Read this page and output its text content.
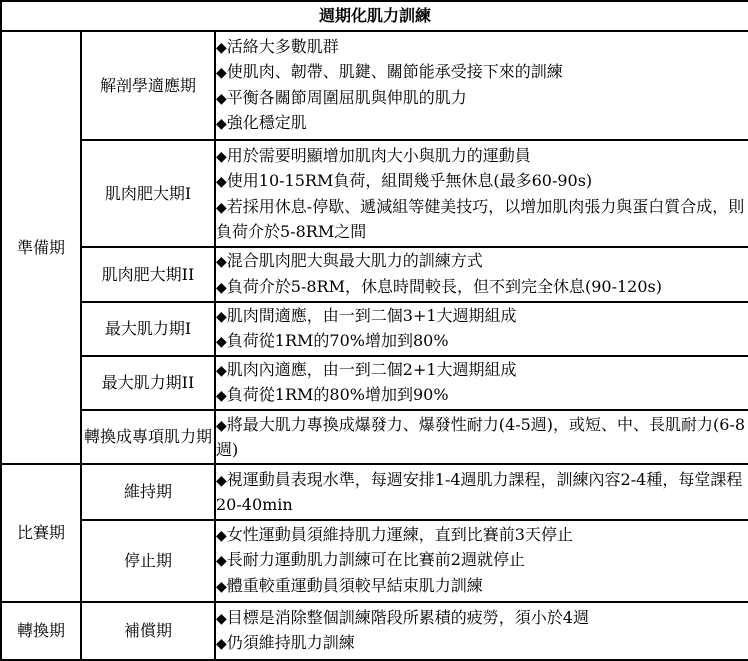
週期化肌力訓練		
準備期	解剖學適應期	◆活絡大多數肌群
◆使肌肉、韌帶、肌鍵、關節能承受接下來的訓練
◆平衡各關節周圍屈肌與伸肌的肌力
◆強化穩定肌

	肌肉肥大期I	◆用於需要明顯增加肌肉大小與肌力的運動員
◆使用10-15RM負荷，組間幾乎無休息(最多60-90s)
◆若採用休息-停歇、遞減組等健美技巧，以增加肌肉張力與蛋白質合成，則負荷介於5-8RM之間

	肌肉肥大期II	◆混合肌肉肥大與最大肌力的訓練方式
◆負荷介於5-8RM，休息時間較長，但不到完全休息(90-120s)

	最大肌力期I	◆肌肉間適應，由一到二個3+1大週期組成
◆負荷從1RM的70%增加到80%

	最大肌力期II	◆肌肉內適應，由一到二個2+1大週期組成
◆負荷從1RM的80%增加到90%

	轉換成專項肌力期	◆將最大肌力專換成爆發力、爆發性耐力(4-5週)，或短、中、長肌耐力(6-8週)

比賽期	維持期	◆視運動員表現水準，每週安排1-4週肌力課程，訓練內容2-4種，每堂課程20-40min

	停止期	◆女性運動員須維持肌力運練，直到比賽前3天停止
◆長耐力運動肌力訓練可在比賽前2週就停止
◆體重較重運動員須較早結束肌力訓練

轉換期	補償期	◆目標是消除整個訓練階段所累積的疲勞，須小於4週
◆仍須維持肌力訓練
